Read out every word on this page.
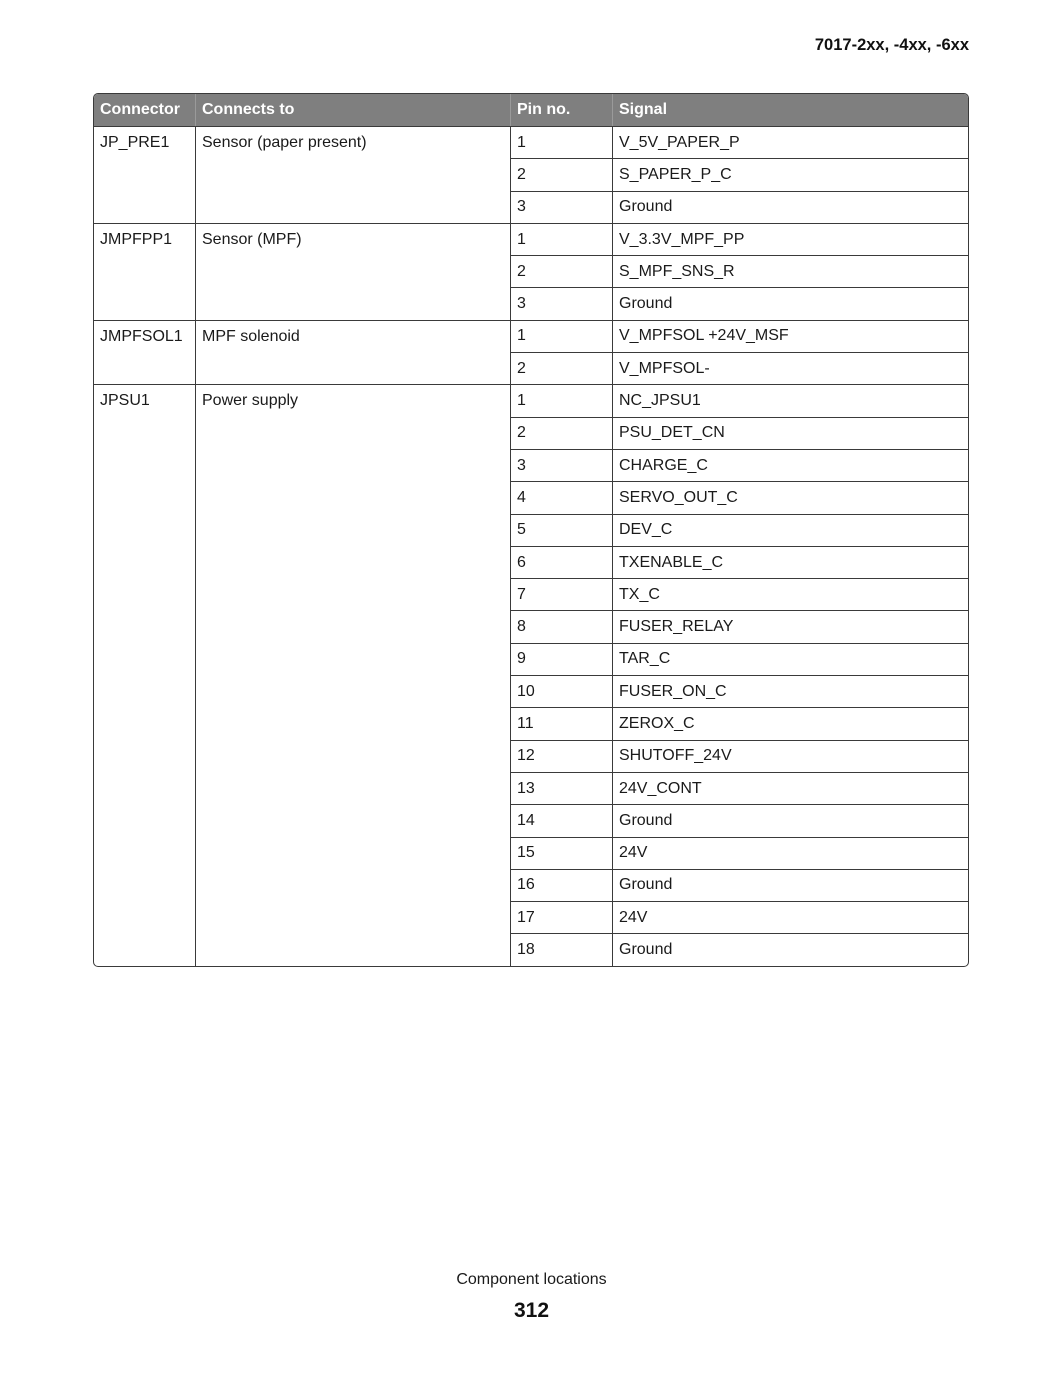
7017-2xx, -4xx, -6xx
Connector	Connects to	Pin no.	Signal
JP_PRE1	Sensor (paper present)	1	V_5V_PAPER_P
		2	S_PAPER_P_C
		3	Ground
JMPFPP1	Sensor (MPF)	1	V_3.3V_MPF_PP
		2	S_MPF_SNS_R
		3	Ground
JMPFSOL1	MPF solenoid	1	V_MPFSOL +24V_MSF
		2	V_MPFSOL-
JPSU1	Power supply	1	NC_JPSU1
		2	PSU_DET_CN
		3	CHARGE_C
		4	SERVO_OUT_C
		5	DEV_C
		6	TXENABLE_C
		7	TX_C
		8	FUSER_RELAY
		9	TAR_C
		10	FUSER_ON_C
		11	ZEROX_C
		12	SHUTOFF_24V
		13	24V_CONT
		14	Ground
		15	24V
		16	Ground
		17	24V
		18	Ground
Component locations
312
